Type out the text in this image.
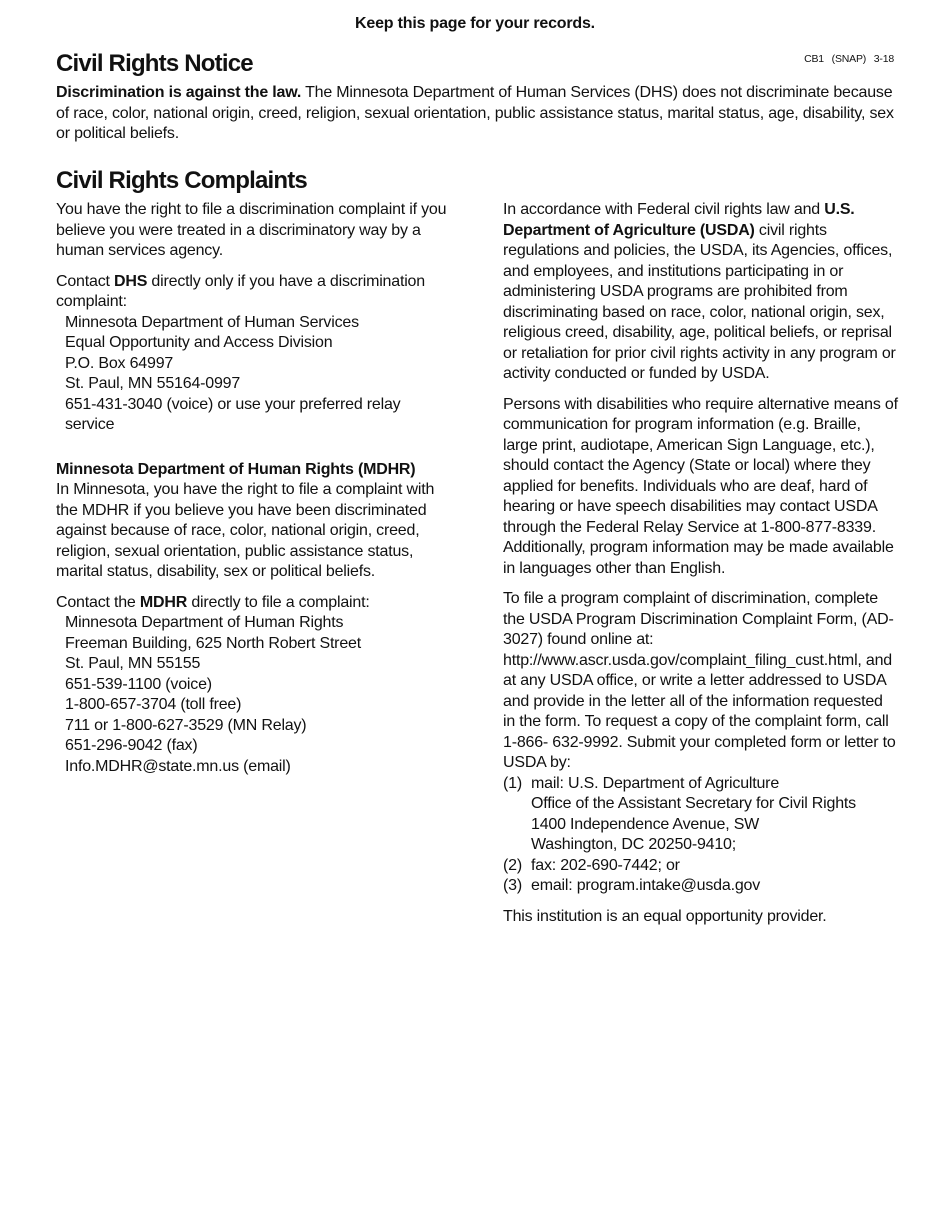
Keep this page for your records.
CB1 (SNAP) 3-18
Civil Rights Notice

Discrimination is against the law. The Minnesota Department of Human Services (DHS) does not discriminate because of race, color, national origin, creed, religion, sexual orientation, public assistance status, marital status, age, disability, sex or political beliefs.

Civil Rights Complaints

You have the right to file a discrimination complaint if you believe you were treated in a discriminatory way by a human services agency.

Contact DHS directly only if you have a discrimination complaint:

Minnesota Department of Human Services
Equal Opportunity and Access Division
P.O. Box 64997
St. Paul, MN 55164-0997
651-431-3040 (voice) or use your preferred relay service
Minnesota Department of Human Rights (MDHR)

In Minnesota, you have the right to file a complaint with the MDHR if you believe you have been discriminated against because of race, color, national origin, creed, religion, sexual orientation, public assistance status, marital status, disability, sex or political beliefs.

Contact the MDHR directly to file a complaint:

Minnesota Department of Human Rights
Freeman Building, 625 North Robert Street
St. Paul, MN 55155
651-539-1100 (voice)
1-800-657-3704 (toll free)
711 or 1-800-627-3529 (MN Relay)
651-296-9042 (fax)
Info.MDHR@state.mn.us (email)

In accordance with Federal civil rights law and U.S. Department of Agriculture (USDA) civil rights regulations and policies, the USDA, its Agencies, offices, and employees, and institutions participating in or administering USDA programs are prohibited from discriminating based on race, color, national origin, sex, religious creed, disability, age, political beliefs, or reprisal or retaliation for prior civil rights activity in any program or activity conducted or funded by USDA.

Persons with disabilities who require alternative means of communication for program information (e.g. Braille, large print, audiotape, American Sign Language, etc.), should contact the Agency (State or local) where they applied for benefits. Individuals who are deaf, hard of hearing or have speech disabilities may contact USDA through the Federal Relay Service at 1-800-877-8339. Additionally, program information may be made available in languages other than English.

To file a program complaint of discrimination, complete the USDA Program Discrimination Complaint Form, (AD-3027) found online at: http://www.ascr.usda.gov/complaint_filing_cust.html, and at any USDA office, or write a letter addressed to USDA and provide in the letter all of the information requested in the form. To request a copy of the complaint form, call 1-866- 632-9992. Submit your completed form or letter to USDA by:

(1) mail: U.S. Department of Agriculture
Office of the Assistant Secretary for Civil Rights
1400 Independence Avenue, SW
Washington, DC 20250-9410;
(2) fax: 202-690-7442; or
(3) email: program.intake@usda.gov

This institution is an equal opportunity provider.
